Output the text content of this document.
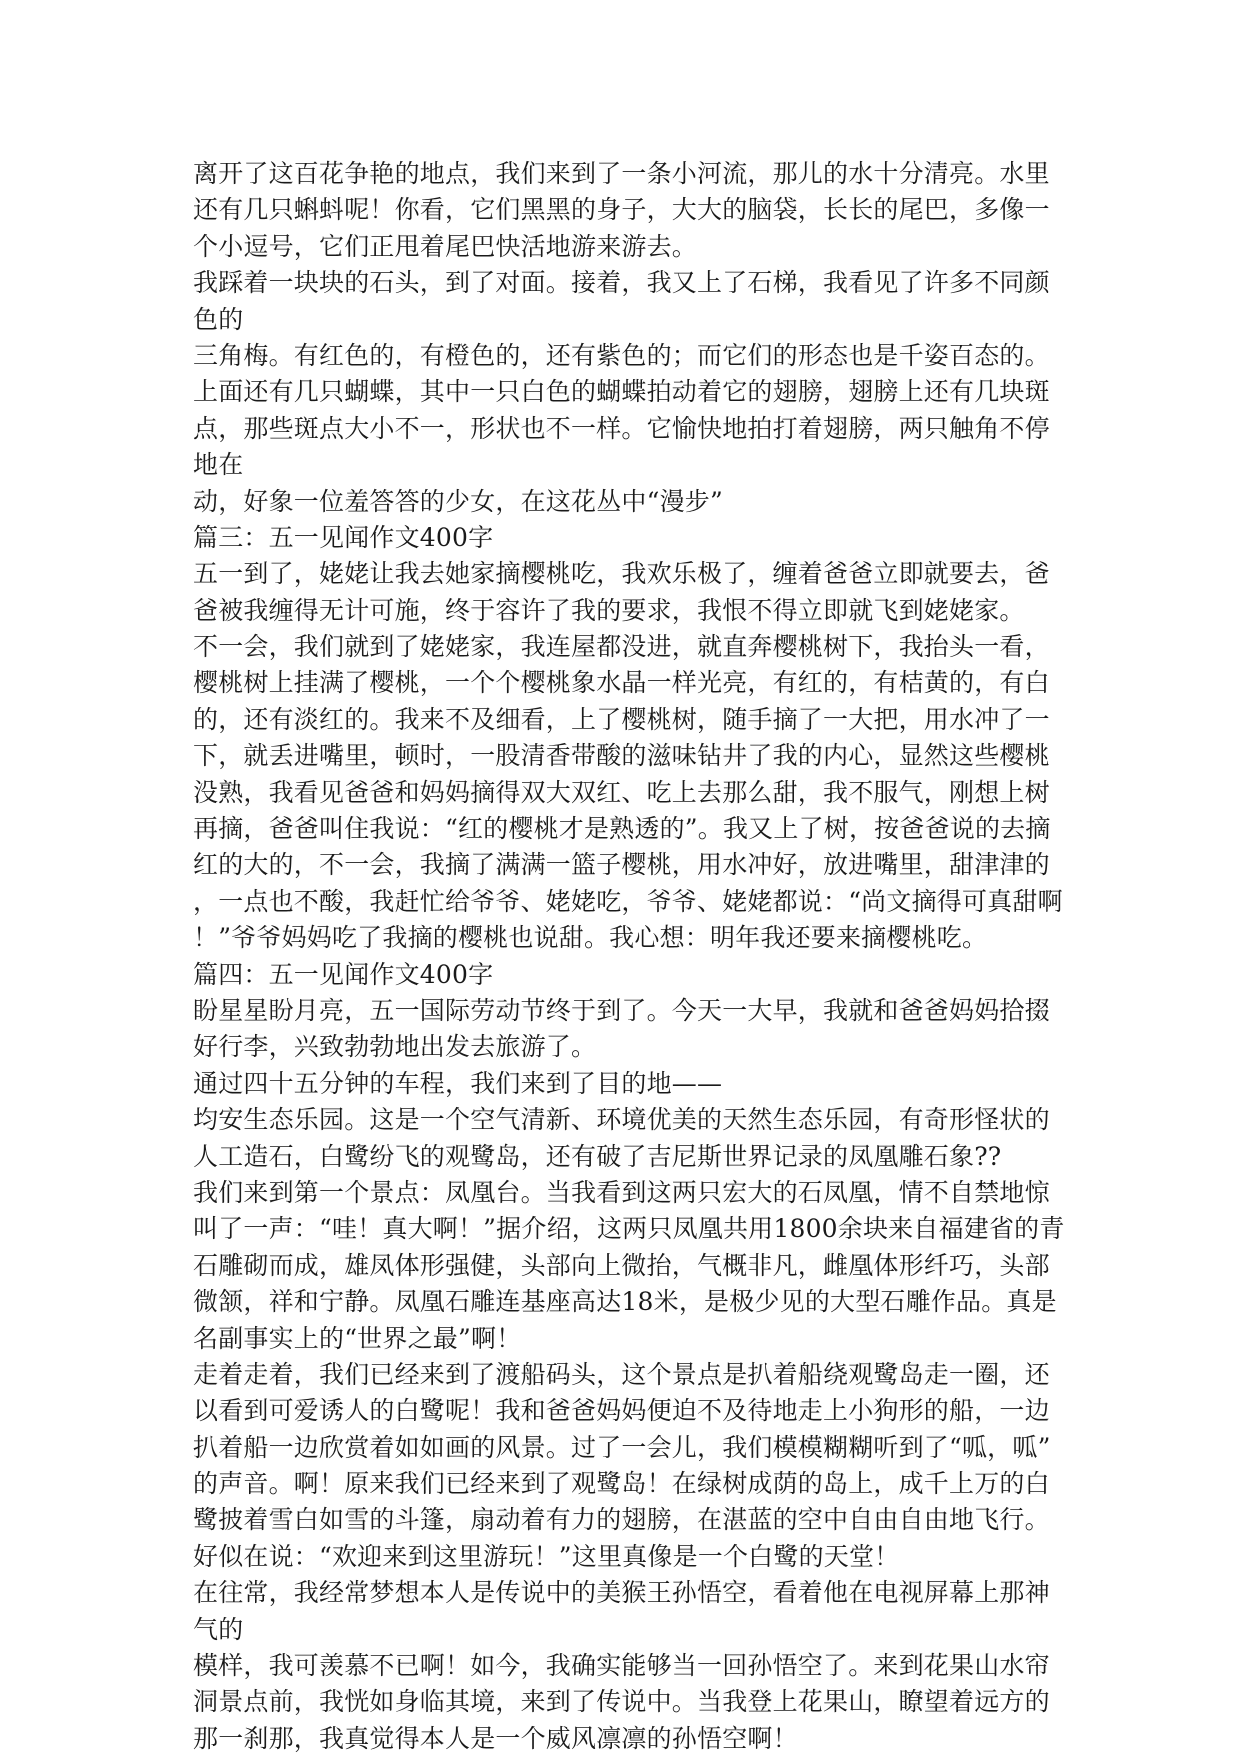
离开了这百花争艳的地点，我们来到了一条小河流，那儿的水十分清亮。水里
还有几只蝌蚪呢！你看，它们黑黑的身子，大大的脑袋，长长的尾巴，多像一
个小逗号，它们正甩着尾巴快活地游来游去。
我踩着一块块的石头，到了对面。接着，我又上了石梯，我看见了许多不同颜
色的
三角梅。有红色的，有橙色的，还有紫色的；而它们的形态也是千姿百态的。
上面还有几只蝴蝶，其中一只白色的蝴蝶拍动着它的翅膀，翅膀上还有几块斑
点，那些斑点大小不一，形状也不一样。它愉快地拍打着翅膀，两只触角不停
地在
动，好象一位羞答答的少女，在这花丛中“漫步”
篇三：五一见闻作文400字
五一到了，姥姥让我去她家摘樱桃吃，我欢乐极了，缠着爸爸立即就要去，爸
爸被我缠得无计可施，终于容许了我的要求，我恨不得立即就飞到姥姥家。
不一会，我们就到了姥姥家，我连屋都没进，就直奔樱桃树下，我抬头一看，
樱桃树上挂满了樱桃，一个个樱桃象水晶一样光亮，有红的，有桔黄的，有白
的，还有淡红的。我来不及细看，上了樱桃树，随手摘了一大把，用水冲了一
下，就丢进嘴里，顿时，一股清香带酸的滋味钻井了我的内心，显然这些樱桃
没熟，我看见爸爸和妈妈摘得双大双红、吃上去那么甜，我不服气，刚想上树
再摘，爸爸叫住我说：“红的樱桃才是熟透的”。我又上了树，按爸爸说的去摘
红的大的，不一会，我摘了满满一篮子樱桃，用水冲好，放进嘴里，甜津津的
，一点也不酸，我赶忙给爷爷、姥姥吃，爷爷、姥姥都说：“尚文摘得可真甜啊
！”爷爷妈妈吃了我摘的樱桃也说甜。我心想：明年我还要来摘樱桃吃。
篇四：五一见闻作文400字
盼星星盼月亮，五一国际劳动节终于到了。今天一大早，我就和爸爸妈妈拾掇
好行李，兴致勃勃地出发去旅游了。
通过四十五分钟的车程，我们来到了目的地——
均安生态乐园。这是一个空气清新、环境优美的天然生态乐园，有奇形怪状的
人工造石，白鹭纷飞的观鹭岛，还有破了吉尼斯世界记录的凤凰雕石象??
我们来到第一个景点：凤凰台。当我看到这两只宏大的石凤凰，情不自禁地惊
叫了一声：“哇！真大啊！”据介绍，这两只凤凰共用1800余块来自福建省的青
石雕砌而成，雄凤体形强健，头部向上微抬，气概非凡，雌凰体形纤巧，头部
微颔，祥和宁静。凤凰石雕连基座高达18米，是极少见的大型石雕作品。真是
名副事实上的“世界之最”啊！
走着走着，我们已经来到了渡船码头，这个景点是扒着船绕观鹭岛走一圈，还
以看到可爱诱人的白鹭呢！我和爸爸妈妈便迫不及待地走上小狗形的船，一边
扒着船一边欣赏着如如画的风景。过了一会儿，我们模模糊糊听到了“呱，呱”
的声音。啊！原来我们已经来到了观鹭岛！在绿树成荫的岛上，成千上万的白
鹭披着雪白如雪的斗篷，扇动着有力的翅膀，在湛蓝的空中自由自由地飞行。
好似在说：“欢迎来到这里游玩！”这里真像是一个白鹭的天堂！
在往常，我经常梦想本人是传说中的美猴王孙悟空，看着他在电视屏幕上那神
气的
模样，我可羡慕不已啊！如今，我确实能够当一回孙悟空了。来到花果山水帘
洞景点前，我恍如身临其境，来到了传说中。当我登上花果山，瞭望着远方的
那一刹那，我真觉得本人是一个威风凛凛的孙悟空啊！
